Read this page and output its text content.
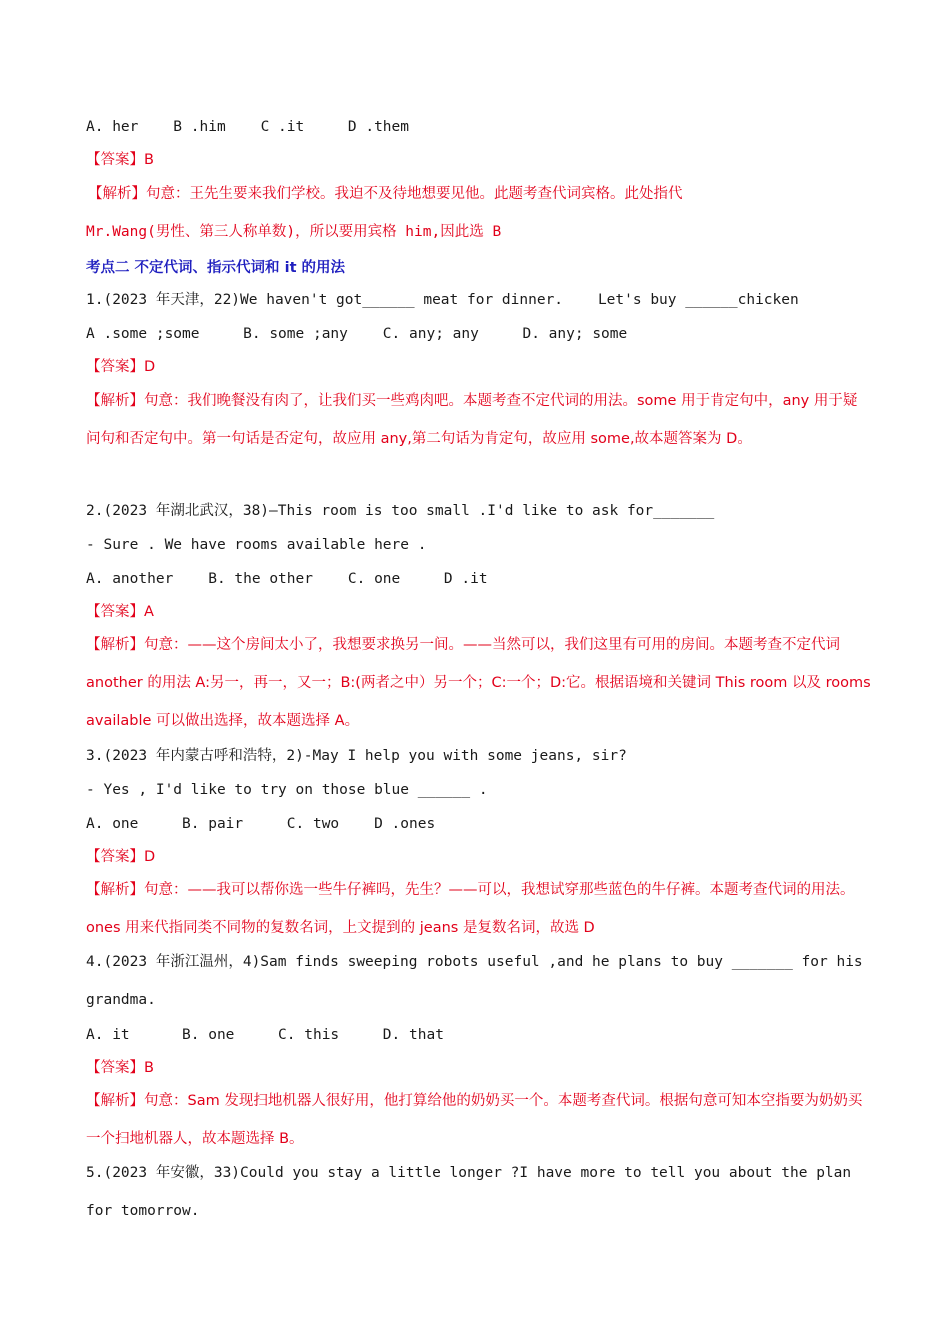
A. her    B .him    C .it     D .them
【答案】B
【解析】句意：王先生要来我们学校。我迫不及待地想要见他。此题考查代词宾格。此处指代
Mr.Wang(男性、第三人称单数)，所以要用宾格 him,因此选 B
考点二 不定代词、指示代词和 it 的用法
1.(2023 年天津，22)We haven't got______ meat for dinner.    Let's buy ______chicken
A .some ;some     B. some ;any    C. any; any     D. any; some
【答案】D
【解析】句意：我们晚餐没有肉了，让我们买一些鸡肉吧。本题考查不定代词的用法。some 用于肯定句中，any 用于疑问句和否定句中。第一句话是否定句，故应用 any,第二句话为肯定句，故应用 some,故本题答案为 D。
2.(2023 年湖北武汉，38)—This room is too small .I'd like to ask for_______
- Sure . We have rooms available here .
A. another    B. the other    C. one     D .it
【答案】A
【解析】句意：——这个房间太小了，我想要求换另一间。——当然可以，我们这里有可用的房间。本题考查不定代词 another 的用法 A:另一，再一，又一；B:(两者之中）另一个；C:一个；D:它。根据语境和关键词 This room 以及 rooms available 可以做出选择，故本题选择 A。
3.(2023 年内蒙古呼和浩特，2)-May I help you with some jeans, sir?
- Yes , I'd like to try on those blue ______ .
A. one     B. pair     C. two    D .ones
【答案】D
【解析】句意：——我可以帮你选一些牛仔裤吗，先生？——可以，我想试穿那些蓝色的牛仔裤。本题考查代词的用法。ones 用来代指同类不同物的复数名词，上文提到的 jeans 是复数名词，故选 D
4.(2023 年浙江温州，4)Sam finds sweeping robots useful ,and he plans to buy _______ for his grandma.
A. it      B. one     C. this     D. that
【答案】B
【解析】句意：Sam 发现扫地机器人很好用，他打算给他的奶奶买一个。本题考查代词。根据句意可知本空指要为奶奶买一个扫地机器人，故本题选择 B。
5.(2023 年安徽，33)Could you stay a little longer ?I have more to tell you about the plan for tomorrow.
